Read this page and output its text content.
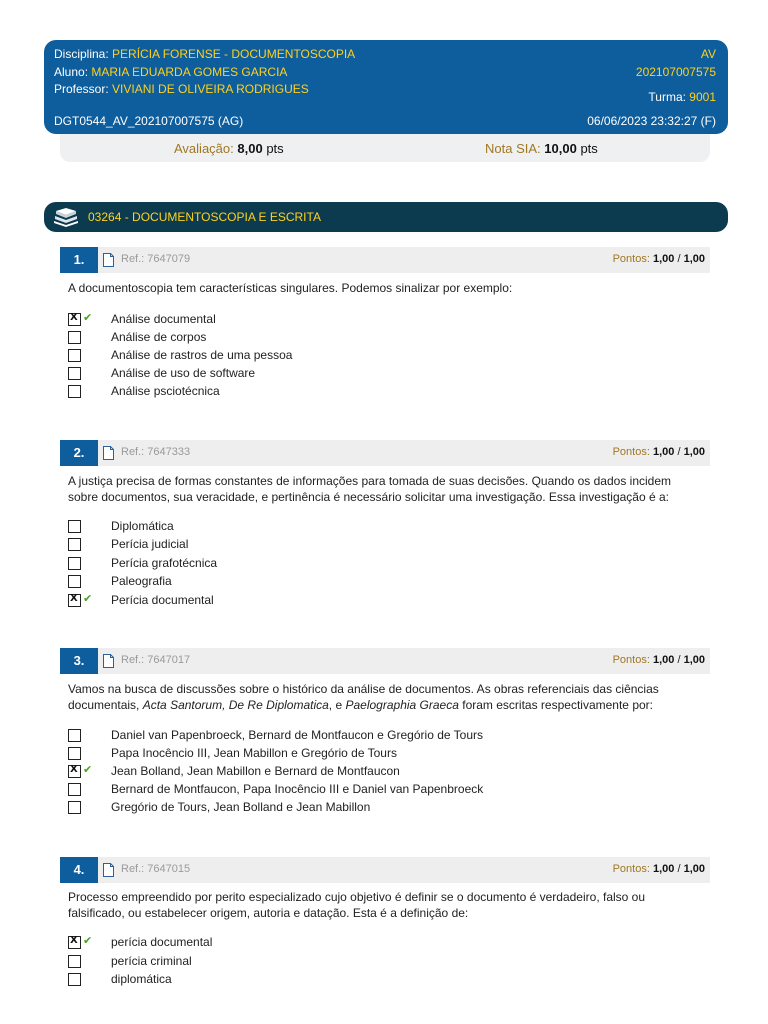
Disciplina: PERÍCIA FORENSE - DOCUMENTOSCOPIA
Aluno: MARIA EDUARDA GOMES GARCIA
Professor: VIVIANI DE OLIVEIRA RODRIGUES
DGT0544_AV_202107007575 (AG)
AV
202107007575
Turma: 9001
06/06/2023 23:32:27 (F)
Avaliação: 8,00 pts	Nota SIA: 10,00 pts
03264 - DOCUMENTOSCOPIA E ESCRITA
1.	Ref.: 7647079	Pontos: 1,00 / 1,00
A documentoscopia tem características singulares. Podemos sinalizar por exemplo:
X
✔ Análise documental
Análise de corpos
Análise de rastros de uma pessoa
Análise de uso de software
Análise psciotécnica
2.	Ref.: 7647333	Pontos: 1,00 / 1,00
A justiça precisa de formas constantes de informações para tomada de suas decisões. Quando os dados incidem
sobre documentos, sua veracidade, e pertinência é necessário solicitar uma investigação. Essa investigação é a:
Diplomática
Perícia judicial
Perícia grafotécnica
Paleografia
X
✔ Perícia documental
3.	Ref.: 7647017	Pontos: 1,00 / 1,00
Vamos na busca de discussões sobre o histórico da análise de documentos. As obras referenciais das ciências
documentais, Acta Santorum, De Re Diplomatica, e Paelographia Graeca foram escritas respectivamente por:
Daniel van Papenbroeck, Bernard de Montfaucon e Gregório de Tours
Papa Inocêncio III, Jean Mabillon e Gregório de Tours
X
✔ Jean Bolland, Jean Mabillon e Bernard de Montfaucon
Bernard de Montfaucon, Papa Inocêncio III e Daniel van Papenbroeck
Gregório de Tours, Jean Bolland e Jean Mabillon
4.	Ref.: 7647015	Pontos: 1,00 / 1,00
Processo empreendido por perito especializado cujo objetivo é definir se o documento é verdadeiro, falso ou
falsificado, ou estabelecer origem, autoria e datação. Esta é a definição de:
X
✔ perícia documental
perícia criminal
diplomática
